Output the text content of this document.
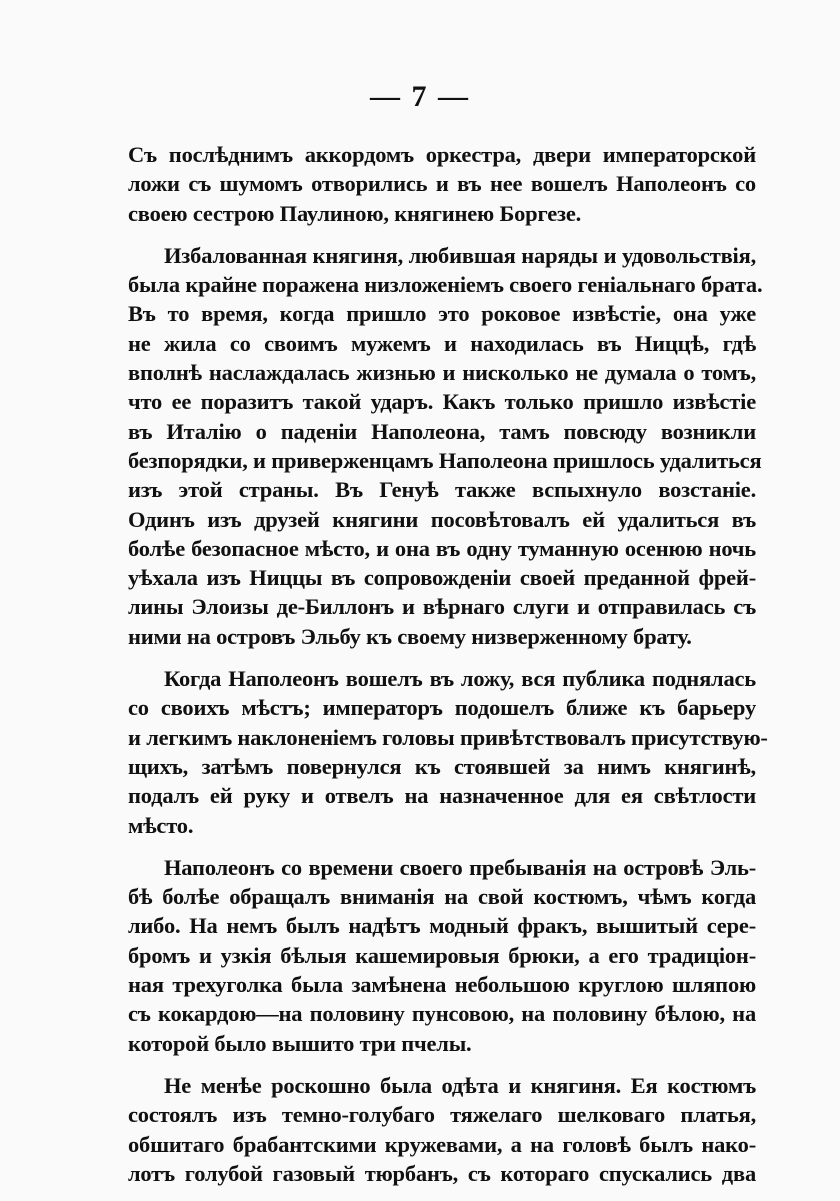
— 7 —
Съ послѣднимъ аккордомъ оркестра, двери императорской
ложи съ шумомъ отворились и въ нее вошелъ Наполеонъ со
своею сестрою Паулиною, княгинею Боргезе.
Избалованная княгиня, любившая наряды и удовольствія,
была крайне поражена низложеніемъ своего геніальнаго брата.
Въ то время, когда пришло это роковое извѣстіе, она уже
не жила со своимъ мужемъ и находилась въ Ниццѣ, гдѣ
вполнѣ наслаждалась жизнью и нисколько не думала о томъ,
что ее поразитъ такой ударъ. Какъ только пришло извѣстіе
въ Италію о паденіи Наполеона, тамъ повсюду возникли
безпорядки, и приверженцамъ Наполеона пришлось удалиться
изъ этой страны. Въ Генуѣ также вспыхнуло возстаніе.
Одинъ изъ друзей княгини посовѣтовалъ ей удалиться въ
болѣе безопасное мѣсто, и она въ одну туманную осенюю ночь
уѣхала изъ Ниццы въ сопровожденіи своей преданной фрей-
лины Элоизы де-Биллонъ и вѣрнаго слуги и отправилась съ
ними на островъ Эльбу къ своему низверженному брату.
Когда Наполеонъ вошелъ въ ложу, вся публика поднялась
со своихъ мѣстъ; императоръ подошелъ ближе къ барьеру
и легкимъ наклоненіемъ головы привѣтствовалъ присутствую-
щихъ, затѣмъ повернулся къ стоявшей за нимъ княгинѣ,
подалъ ей руку и отвелъ на назначенное для ея свѣтлости
мѣсто.
Наполеонъ со времени своего пребыванія на островѣ Эль-
бѣ болѣе обращалъ вниманія на свой костюмъ, чѣмъ когда
либо. На немъ былъ надѣтъ модный фракъ, вышитый сере-
бромъ и узкія бѣлыя кашемировыя брюки, а его традиціон-
ная трехуголка была замѣнена небольшою круглою шляпою
съ кокардою—на половину пунсовою, на половину бѣлою, на
которой было вышито три пчелы.
Не менѣе роскошно была одѣта и княгиня. Ея костюмъ
состоялъ изъ темно-голубаго тяжелаго шелковаго платья,
обшитаго брабантскими кружевами, а на головѣ былъ нако-
лотъ голубой газовый тюрбанъ, съ котораго спускались два
